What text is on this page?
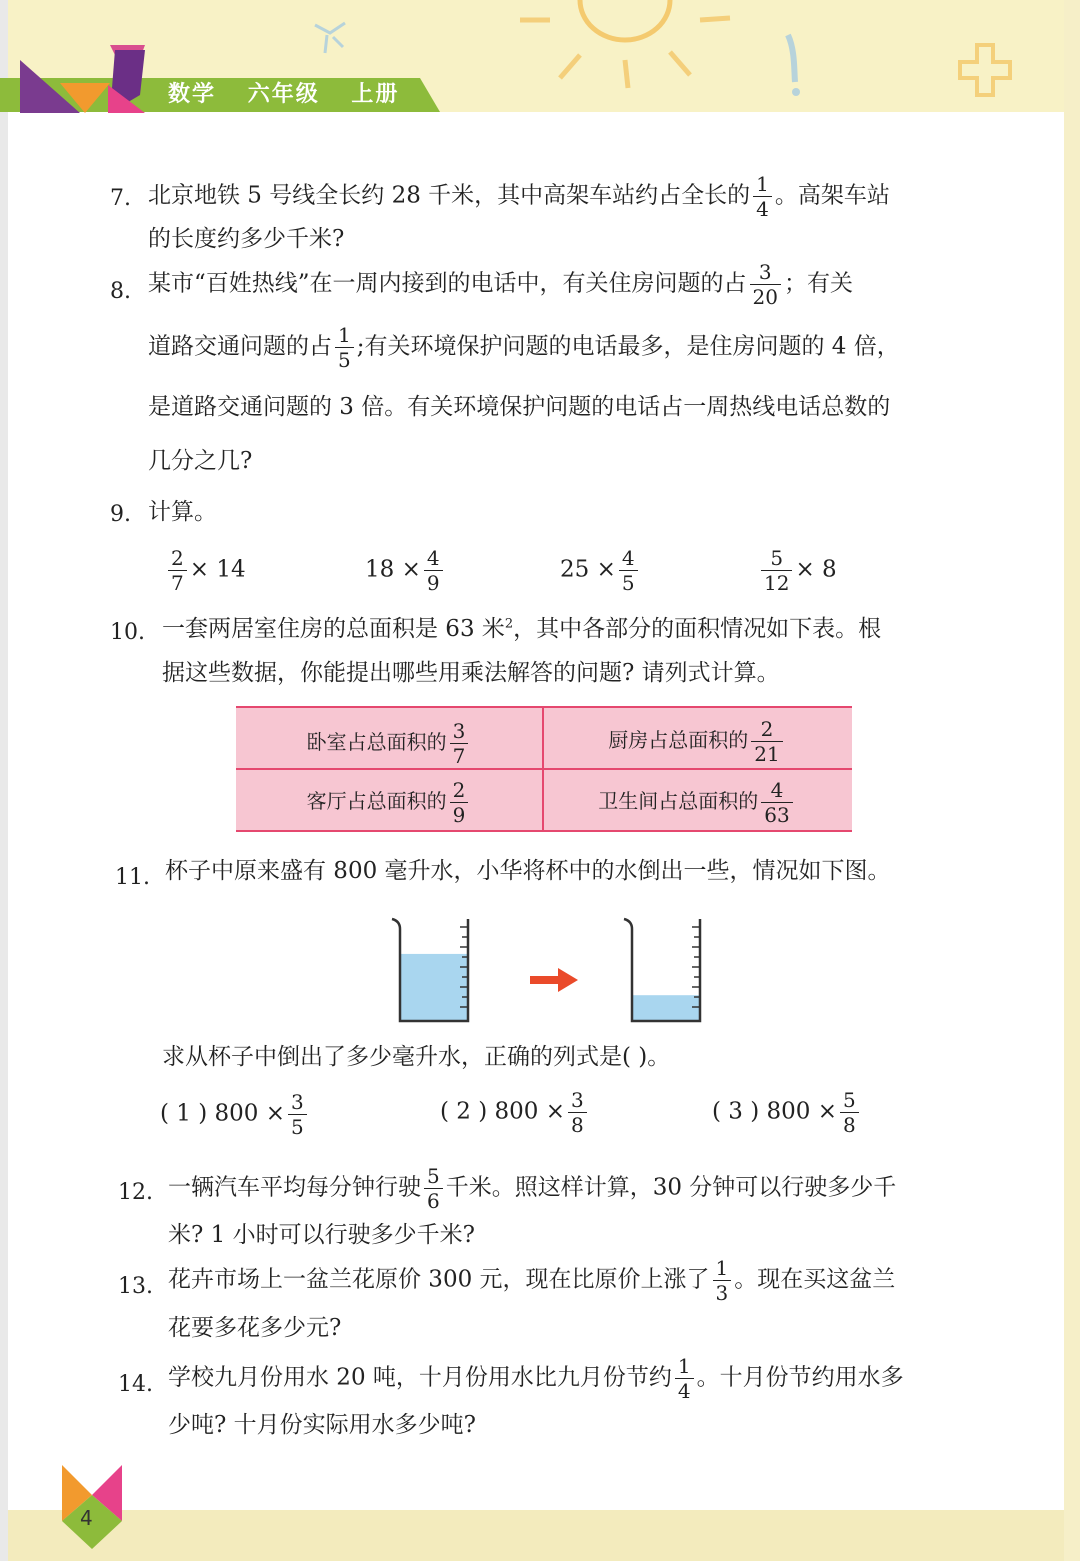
数学 六年级 上册
7. 北京地铁 5 号线全长约 28 千米，其中高架车站约占全长的 $\frac{1}{4}$ 。高架车站
的长度约多少千米?
8. 某市“百姓热线”在一周内接到的电话中，有关住房问题的占 $\frac{3}{20}$ ；有关
道路交通问题的占 $\frac{1}{5}$ ;有关环境保护问题的电话最多，是住房问题的 4 倍，
是道路交通问题的 3 倍。有关环境保护问题的电话占一周热线电话总数的
几分之几?
9. 计算。
$\frac{2}{7} \times 14$	$18 \times \frac{4}{9}$	$25 \times \frac{4}{5}$	$\frac{5}{12} \times 8$
10. 一套两居室住房的总面积是 63 米$^2$，其中各部分的面积情况如下表。根
据这些数据，你能提出哪些用乘法解答的问题? 请列式计算。
卧室占总面积的 $\frac{3}{7}$	厨房占总面积的 $\frac{2}{21}$
客厅占总面积的 $\frac{2}{9}$	卫生间占总面积的 $\frac{4}{63}$
11. 杯子中原来盛有 800 毫升水，小华将杯中的水倒出一些，情况如下图。
求从杯子中倒出了多少毫升水，正确的列式是( )。
( 1 ) $800 \times \frac{3}{5}$	( 2 ) $800 \times \frac{3}{8}$	( 3 ) $800 \times \frac{5}{8}$
12. 一辆汽车平均每分钟行驶 $\frac{5}{6}$ 千米。照这样计算，30 分钟可以行驶多少千
米? 1 小时可以行驶多少千米?
13. 花卉市场上一盆兰花原价 300 元，现在比原价上涨了 $\frac{1}{3}$ 。现在买这盆兰
花要多花多少元?
14. 学校九月份用水 20 吨，十月份用水比九月份节约 $\frac{1}{4}$ 。十月份节约用水多
少吨? 十月份实际用水多少吨?
4
